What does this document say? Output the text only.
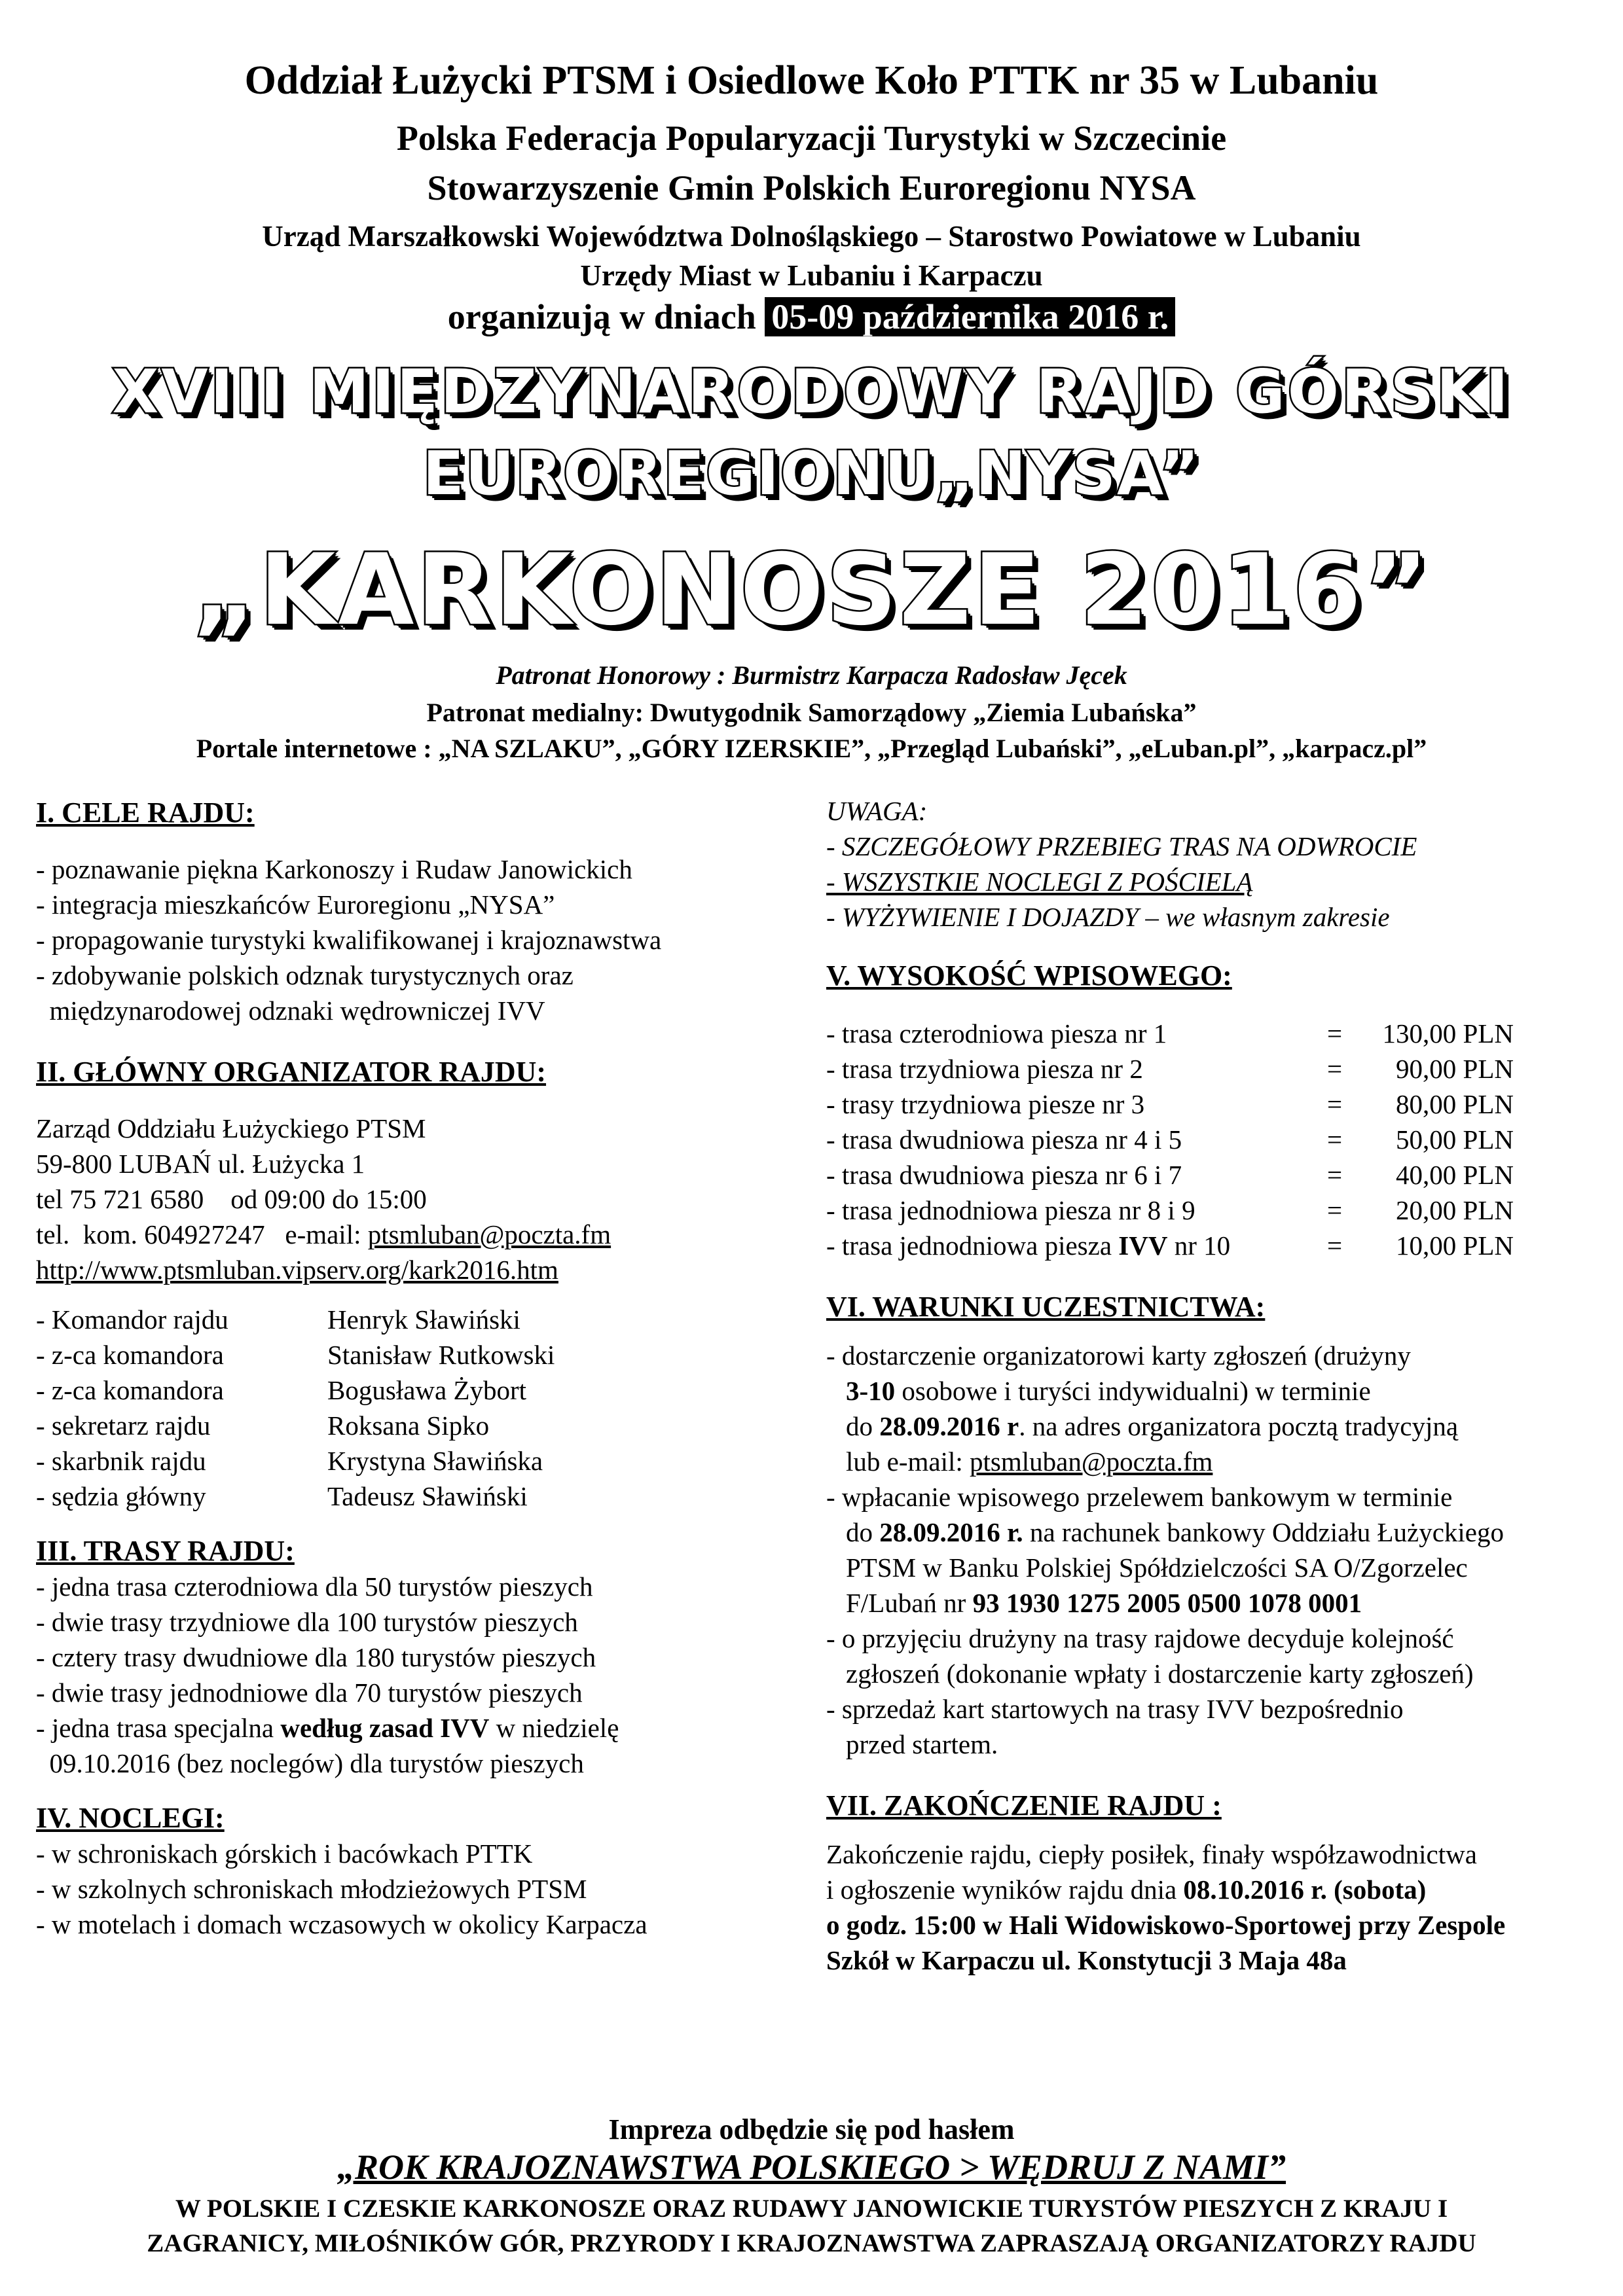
Oddział Łużycki PTSM i Osiedlowe Koło PTTK nr 35 w Lubaniu
Polska Federacja Popularyzacji Turystyki w Szczecinie
Stowarzyszenie Gmin Polskich Euroregionu NYSA
Urząd Marszałkowski Województwa Dolnośląskiego – Starostwo Powiatowe w Lubaniu
Urzędy Miast w Lubaniu i Karpaczu
organizują w dniach 05-09 października 2016 r.
XVIII MIĘDZYNARODOWY RAJD GÓRSKI
EUROREGIONU„NYSA”
„KARKONOSZE 2016”
Patronat Honorowy : Burmistrz Karpacza Radosław Jęcek
Patronat medialny: Dwutygodnik Samorządowy „Ziemia Lubańska”
Portale internetowe : „NA SZLAKU”, „GÓRY IZERSKIE”, „Przegląd Lubański”, „eLuban.pl”, „karpacz.pl”
I. CELE RAJDU:
- poznawanie piękna Karkonoszy i Rudaw Janowickich
- integracja mieszkańców Euroregionu „NYSA”
- propagowanie turystyki kwalifikowanej i krajoznawstwa
- zdobywanie polskich odznak turystycznych oraz
międzynarodowej odznaki wędrowniczej IVV
II. GŁÓWNY ORGANIZATOR RAJDU:
Zarząd Oddziału Łużyckiego PTSM
59-800 LUBAŃ ul. Łużycka 1
tel 75 721 6580    od 09:00 do 15:00
tel.  kom. 604927247   e-mail: ptsmluban@poczta.fm
http://www.ptsmluban.vipserv.org/kark2016.htm
- Komandor rajdu	Henryk Sławiński
- z-ca komandora	Stanisław Rutkowski
- z-ca komandora	Bogusława Żybort
- sekretarz rajdu	Roksana Sipko
- skarbnik rajdu	Krystyna Sławińska
- sędzia główny	Tadeusz Sławiński
III. TRASY RAJDU:
- jedna trasa czterodniowa dla 50 turystów pieszych
- dwie trasy trzydniowe dla 100 turystów pieszych
- cztery trasy dwudniowe dla 180 turystów pieszych
- dwie trasy jednodniowe dla 70 turystów pieszych
- jedna trasa specjalna według zasad IVV w niedzielę
09.10.2016 (bez noclegów) dla turystów pieszych
IV. NOCLEGI:
- w schroniskach górskich i bacówkach PTTK
- w szkolnych schroniskach młodzieżowych PTSM
- w motelach i domach wczasowych w okolicy Karpacza
UWAGA:
- SZCZEGÓŁOWY PRZEBIEG TRAS NA ODWROCIE
- WSZYSTKIE NOCLEGI Z POŚCIELĄ
- WYŻYWIENIE I DOJAZDY – we własnym zakresie
V. WYSOKOŚĆ WPISOWEGO:
- trasa czterodniowa piesza nr 1	=	130,00 PLN
- trasa trzydniowa piesza nr 2	=	90,00 PLN
- trasy trzydniowa piesze nr 3	=	80,00 PLN
- trasa dwudniowa piesza nr 4 i 5	=	50,00 PLN
- trasa dwudniowa piesza nr 6 i 7	=	40,00 PLN
- trasa jednodniowa piesza nr 8 i 9	=	20,00 PLN
- trasa jednodniowa piesza IVV nr 10	=	10,00 PLN
VI. WARUNKI UCZESTNICTWA:
- dostarczenie organizatorowi karty zgłoszeń (drużyny
3-10 osobowe i turyści indywidualni) w terminie
do 28.09.2016 r. na adres organizatora pocztą tradycyjną
lub e-mail: ptsmluban@poczta.fm
- wpłacanie wpisowego przelewem bankowym w terminie
do 28.09.2016 r. na rachunek bankowy Oddziału Łużyckiego
PTSM w Banku Polskiej Spółdzielczości SA O/Zgorzelec
F/Lubań nr 93 1930 1275 2005 0500 1078 0001
- o przyjęciu drużyny na trasy rajdowe decyduje kolejność
zgłoszeń (dokonanie wpłaty i dostarczenie karty zgłoszeń)
- sprzedaż kart startowych na trasy IVV bezpośrednio
przed startem.
VII. ZAKOŃCZENIE RAJDU :
Zakończenie rajdu, ciepły posiłek, finały współzawodnictwa
i ogłoszenie wyników rajdu dnia 08.10.2016 r. (sobota)
o godz. 15:00 w Hali Widowiskowo-Sportowej przy Zespole
Szkół w Karpaczu ul. Konstytucji 3 Maja 48a
Impreza odbędzie się pod hasłem
„ROK KRAJOZNAWSTWA POLSKIEGO > WĘDRUJ Z NAMI”
W POLSKIE I CZESKIE KARKONOSZE ORAZ RUDAWY JANOWICKIE TURYSTÓW PIESZYCH Z KRAJU I
ZAGRANICY, MIŁOŚNIKÓW GÓR, PRZYRODY I KRAJOZNAWSTWA ZAPRASZAJĄ ORGANIZATORZY RAJDU
